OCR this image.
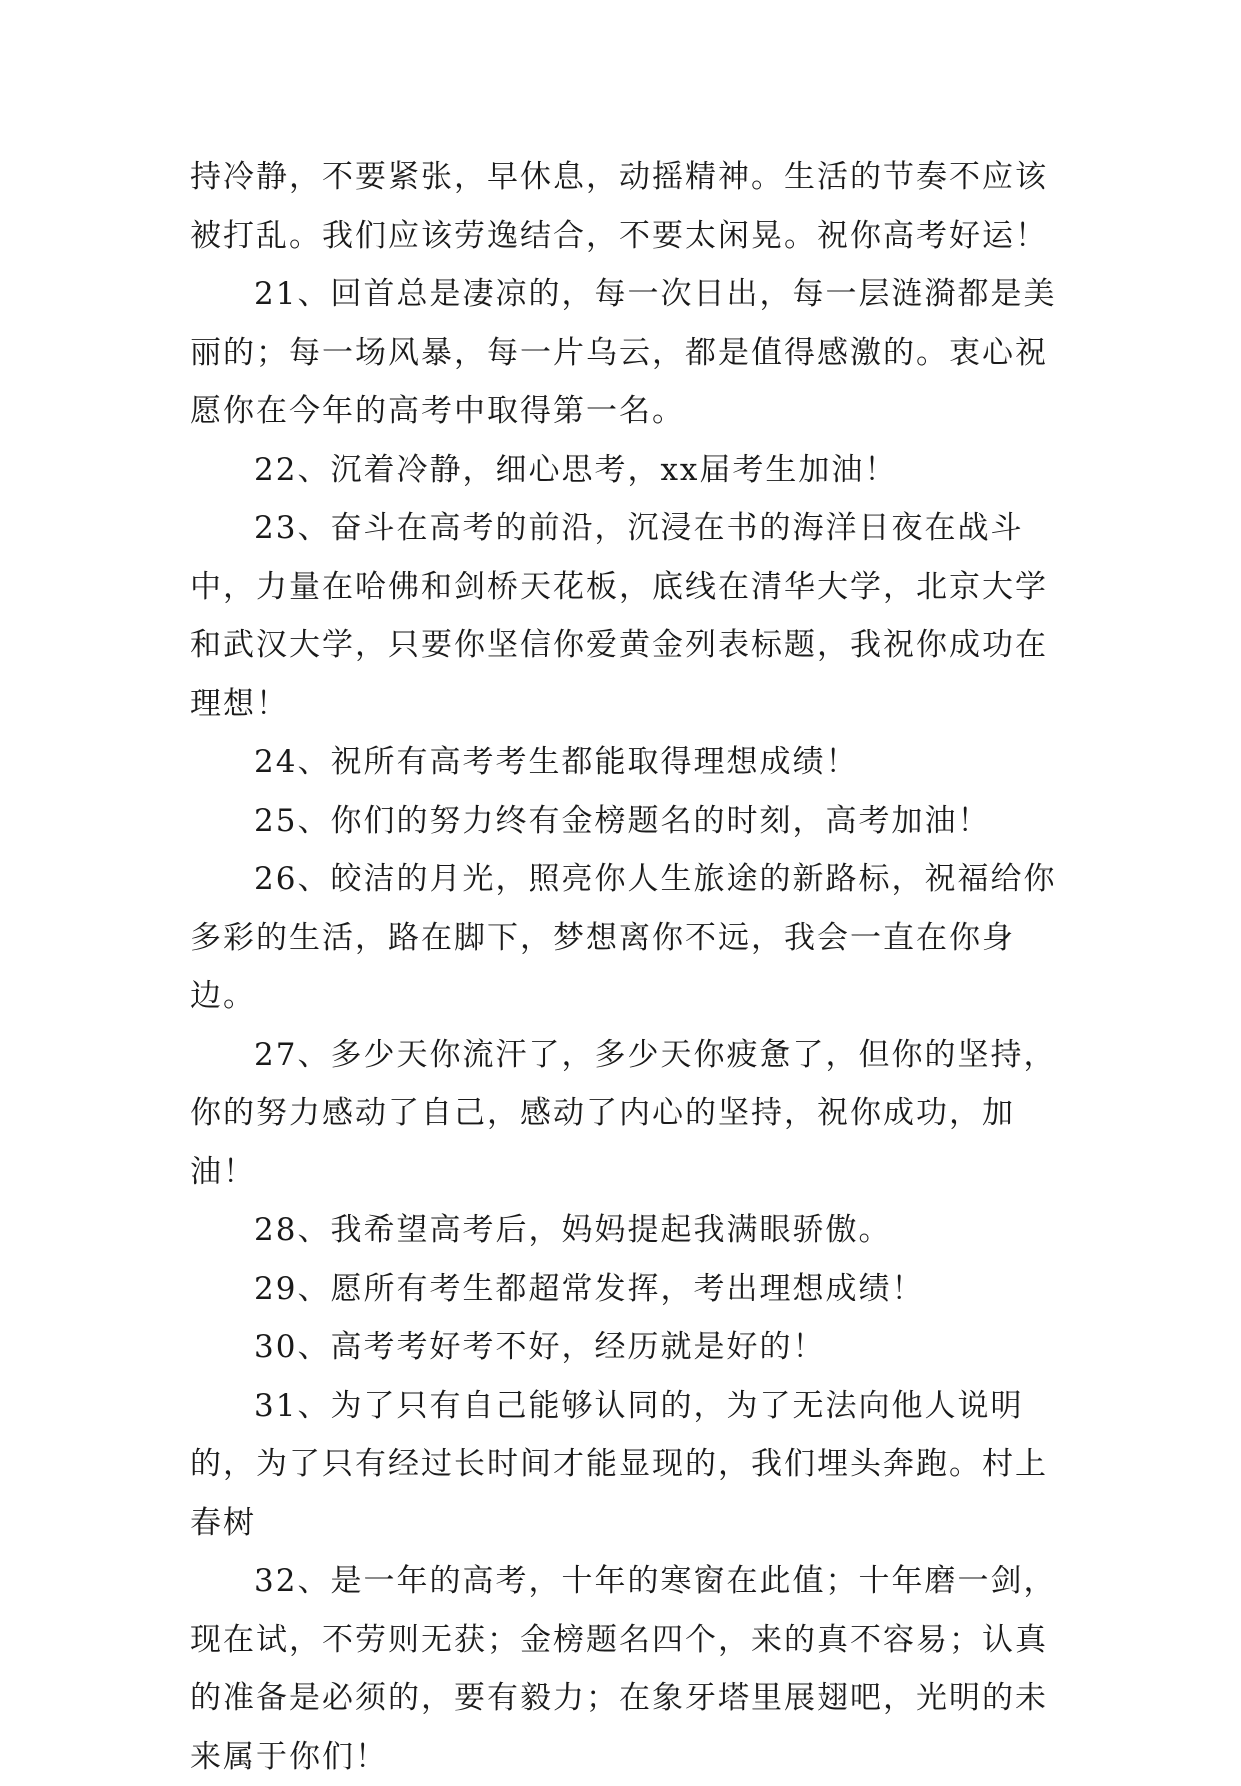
持冷静，不要紧张，早休息，动摇精神。生活的节奏不应该被打乱。我们应该劳逸结合，不要太闲晃。祝你高考好运！

21、回首总是凄凉的，每一次日出，每一层涟漪都是美丽的；每一场风暴，每一片乌云，都是值得感激的。衷心祝愿你在今年的高考中取得第一名。

22、沉着冷静，细心思考，xx届考生加油！

23、奋斗在高考的前沿，沉浸在书的海洋日夜在战斗中，力量在哈佛和剑桥天花板，底线在清华大学，北京大学和武汉大学，只要你坚信你爱黄金列表标题，我祝你成功在理想！

24、祝所有高考考生都能取得理想成绩！

25、你们的努力终有金榜题名的时刻，高考加油！

26、皎洁的月光，照亮你人生旅途的新路标，祝福给你多彩的生活，路在脚下，梦想离你不远，我会一直在你身边。

27、多少天你流汗了，多少天你疲惫了，但你的坚持，你的努力感动了自己，感动了内心的坚持，祝你成功，加油！

28、我希望高考后，妈妈提起我满眼骄傲。

29、愿所有考生都超常发挥，考出理想成绩！

30、高考考好考不好，经历就是好的！

31、为了只有自己能够认同的，为了无法向他人说明的，为了只有经过长时间才能显现的，我们埋头奔跑。村上春树

32、是一年的高考，十年的寒窗在此值；十年磨一剑，现在试，不劳则无获；金榜题名四个，来的真不容易；认真的准备是必须的，要有毅力；在象牙塔里展翅吧，光明的未来属于你们！
